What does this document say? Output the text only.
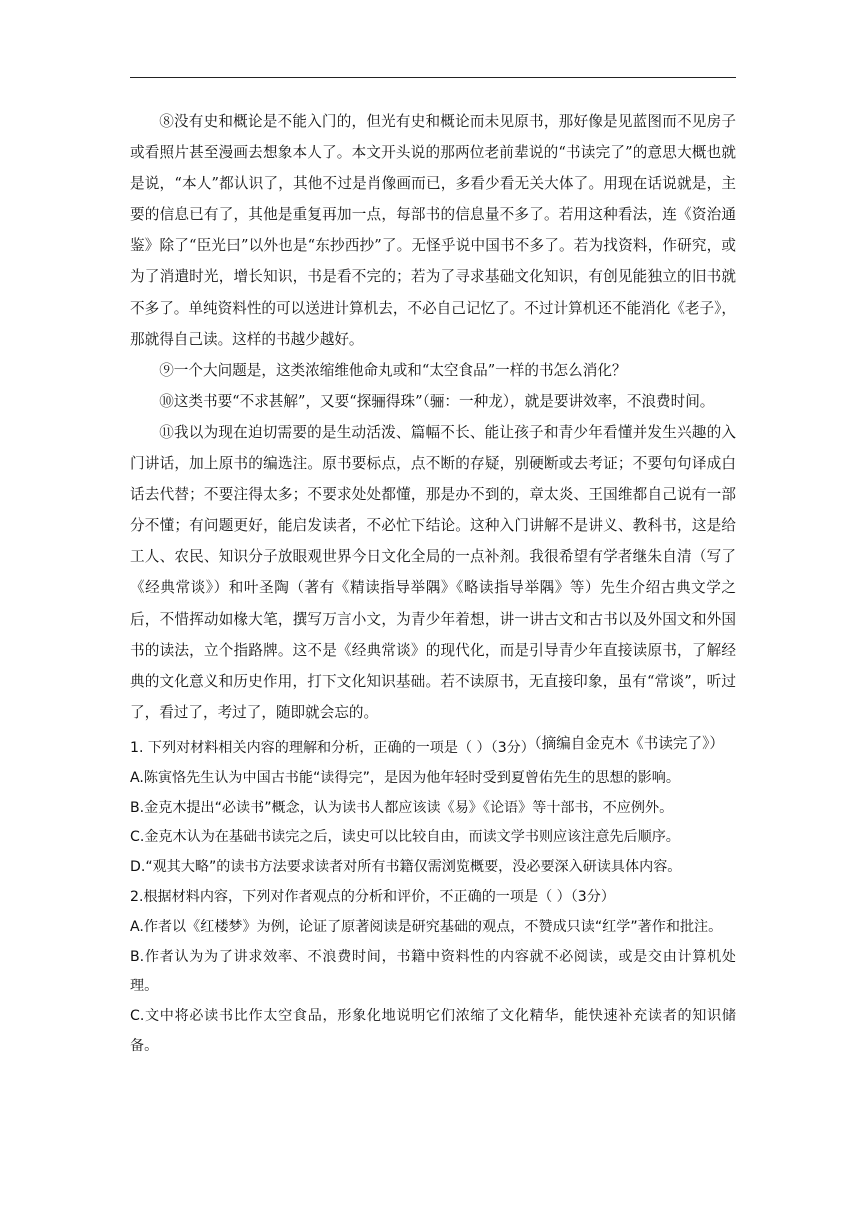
⑧没有史和概论是不能入门的，但光有史和概论而未见原书，那好像是见蓝图而不见房子或看照片甚至漫画去想象本人了。本文开头说的那两位老前辈说的“书读完了”的意思大概也就是说，“本人”都认识了，其他不过是肖像画而已，多看少看无关大体了。用现在话说就是，主要的信息已有了，其他是重复再加一点，每部书的信息量不多了。若用这种看法，连《资治通鉴》除了“臣光曰”以外也是“东抄西抄”了。无怪乎说中国书不多了。若为找资料，作研究，或为了消遣时光，增长知识，书是看不完的；若为了寻求基础文化知识，有创见能独立的旧书就不多了。单纯资料性的可以送进计算机去，不必自己记忆了。不过计算机还不能消化《老子》，那就得自己读。这样的书越少越好。

⑨一个大问题是，这类浓缩维他命丸或和“太空食品”一样的书怎么消化？

⑩这类书要“不求甚解”，又要“探骊得珠”（骊：一种龙），就是要讲效率，不浪费时间。

⑪我以为现在迫切需要的是生动活泼、篇幅不长、能让孩子和青少年看懂并发生兴趣的入门讲话，加上原书的编选注。原书要标点，点不断的存疑，别硬断或去考证；不要句句译成白话去代替；不要注得太多；不要求处处都懂，那是办不到的，章太炎、王国维都自己说有一部分不懂；有问题更好，能启发读者，不必忙下结论。这种入门讲解不是讲义、教科书，这是给工人、农民、知识分子放眼观世界今日文化全局的一点补剂。我很希望有学者继朱自清（写了《经典常谈》）和叶圣陶（著有《精读指导举隅》《略读指导举隅》等）先生介绍古典文学之后，不惜挥动如椽大笔，撰写万言小文，为青少年着想，讲一讲古文和古书以及外国文和外国书的读法，立个指路牌。这不是《经典常谈》的现代化，而是引导青少年直接读原书，了解经典的文化意义和历史作用，打下文化知识基础。若不读原书，无直接印象，虽有“常谈”，听过了，看过了，考过了，随即就会忘的。

（摘编自金克木《书读完了》）

1. 下列对材料相关内容的理解和分析，正确的一项是（ ）（3分）

A.陈寅恪先生认为中国古书能“读得完”，是因为他年轻时受到夏曾佑先生的思想的影响。

B.金克木提出“必读书”概念，认为读书人都应该读《易》《论语》等十部书，不应例外。

C.金克木认为在基础书读完之后，读史可以比较自由，而读文学书则应该注意先后顺序。

D.“观其大略”的读书方法要求读者对所有书籍仅需浏览概要，没必要深入研读具体内容。

2.根据材料内容，下列对作者观点的分析和评价，不正确的一项是（ ）（3分）

A.作者以《红楼梦》为例，论证了原著阅读是研究基础的观点，不赞成只读“红学”著作和批注。

B.作者认为为了讲求效率、不浪费时间，书籍中资料性的内容就不必阅读，或是交由计算机处理。

C.文中将必读书比作太空食品，形象化地说明它们浓缩了文化精华，能快速补充读者的知识储备。
